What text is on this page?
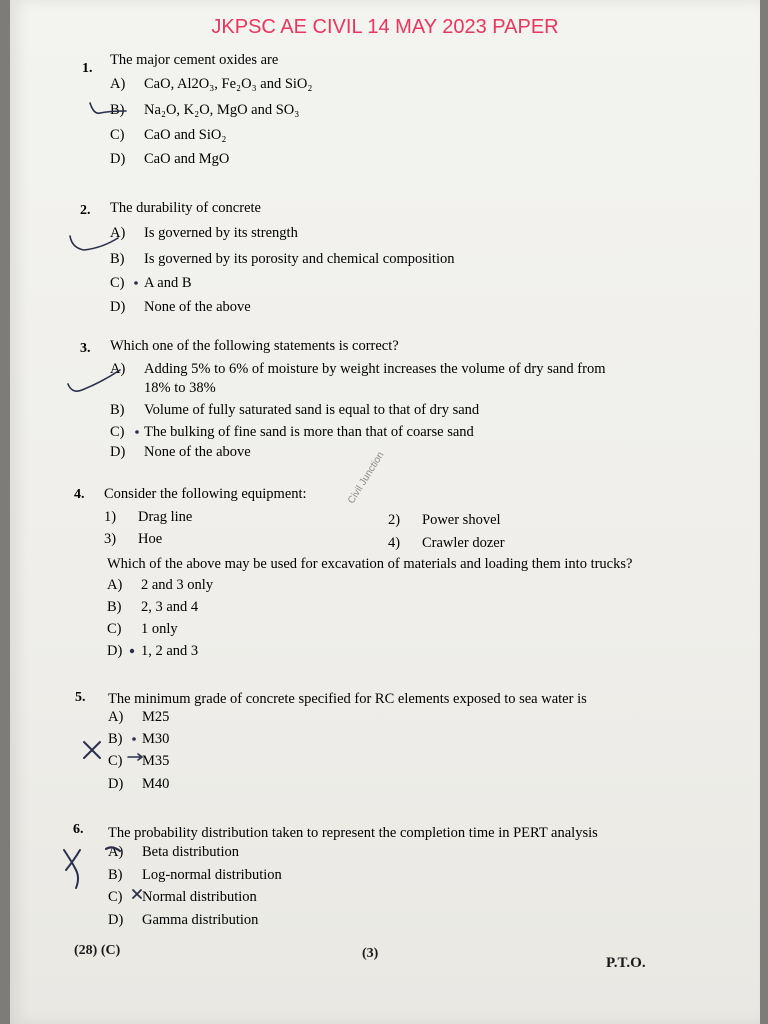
JKPSC AE CIVIL 14 MAY 2023 PAPER
1.
The major cement oxides are
A) CaO, Al2O₃, Fe₂O₃ and SiO₂
B) Na₂O, K₂O, MgO and SO₃
C) CaO and SiO₂
D) CaO and MgO
2. The durability of concrete
A) Is governed by its strength
B) Is governed by its porosity and chemical composition
C) A and B
D) None of the above
3. Which one of the following statements is correct?
A) Adding 5% to 6% of moisture by weight increases the volume of dry sand from
18% to 38%
B) Volume of fully saturated sand is equal to that of dry sand
C) The bulking of fine sand is more than that of coarse sand
D) None of the above
4. Consider the following equipment:
1) Drag line	2) Power shovel
3) Hoe	4) Crawler dozer
Which of the above may be used for excavation of materials and loading them into trucks?
A) 2 and 3 only
B) 2, 3 and 4
C) 1 only
D) 1, 2 and 3
5. The minimum grade of concrete specified for RC elements exposed to sea water is
A) M25
B) M30
C) M35
D) M40
6. The probability distribution taken to represent the completion time in PERT analysis
A) Beta distribution
B) Log-normal distribution
C) Normal distribution
D) Gamma distribution
Civil Junction
(28) (C)	(3)
P.T.O.
